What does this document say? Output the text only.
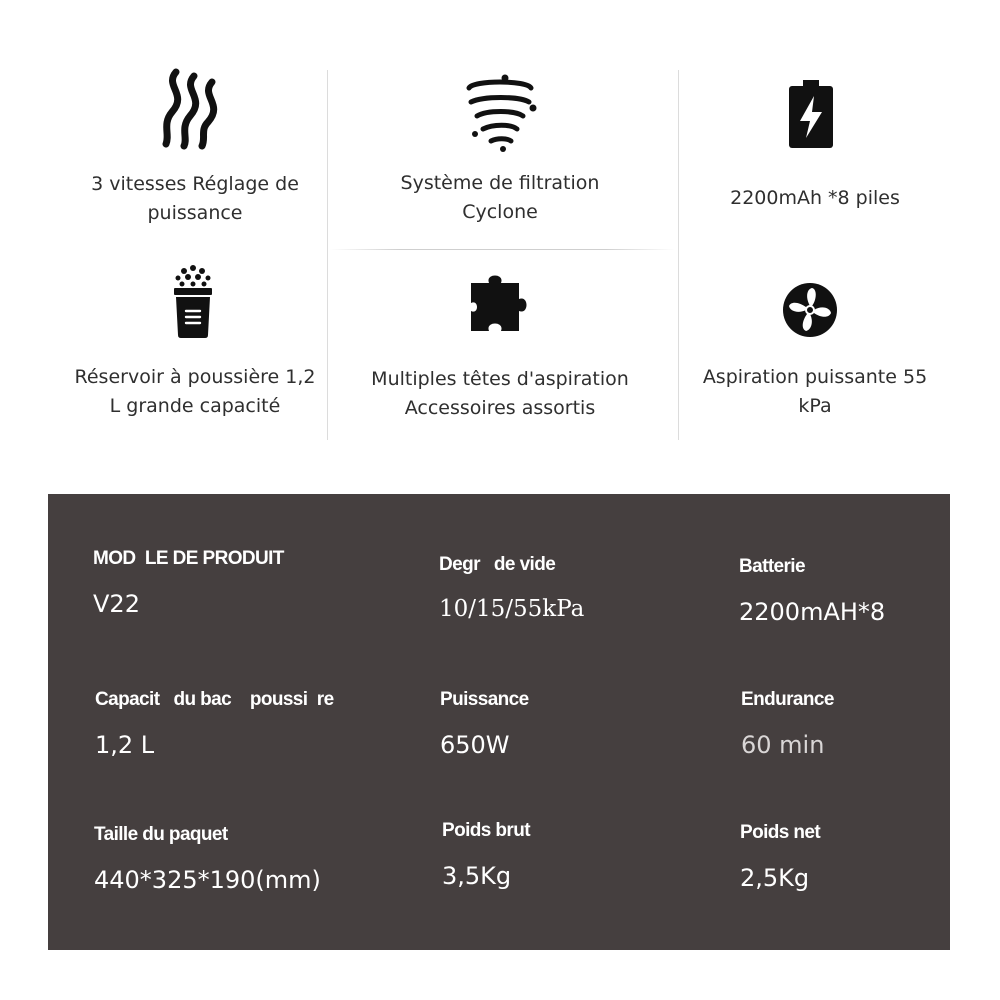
3 vitesses Réglage de
puissance
Système de filtration
Cyclone
2200mAh *8 piles
Réservoir à poussière 1,2
L grande capacité
Multiples têtes d'aspiration
Accessoires assortis
Aspiration puissante 55
kPa
MOD  LE DE PRODUIT
V22
Degr   de vide
10/15/55kPa
Batterie
2200mAH*8
Capacit   du bac    poussi  re
1,2 L
Puissance
650W
Endurance
60 min
Taille du paquet
440*325*190(mm)
Poids brut
3,5Kg
Poids net
2,5Kg
